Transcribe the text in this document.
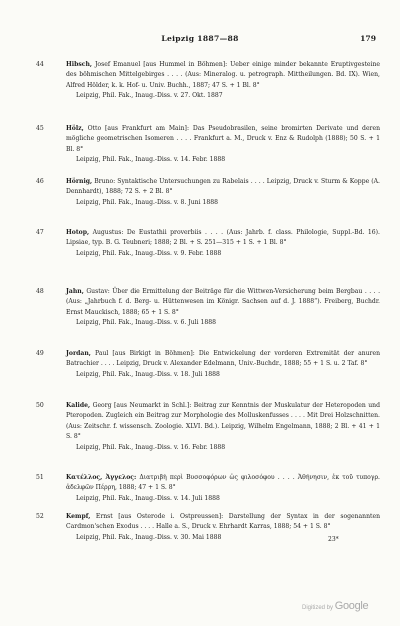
Leipzig 1887—88	179
44	Hibsch, Josef Emanuel [aus Hummel in Böhmen]: Ueber einige minder bekannte Eruptivgesteine des böhmischen Mittelgebirges . . . . (Aus: Mineralog. u. petrograph. Mittheilungen. Bd. IX). Wien, Alfred Hölder, k. k. Hof- u. Univ. Buchh., 1887; 47 S. + 1 Bl. 8°
Leipzig, Phil. Fak., Inaug.-Diss. v. 27. Okt. 1887
45	Hölz, Otto [aus Frankfurt am Main]: Das Pseudobrasilen, seine bromirten Derivate und deren mögliche geometrischen Isomeren . . . . Frankfurt a. M., Druck v. Enz & Rudolph (1888); 50 S. + 1 Bl. 8°
Leipzig, Phil. Fak., Inaug.-Diss. v. 14. Febr. 1888
46	Hörnig, Bruno: Syntaktische Untersuchungen zu Rabelais . . . . Leipzig, Druck v. Sturm & Koppe (A. Dennhardt), 1888; 72 S. + 2 Bl. 8°
Leipzig, Phil. Fak., Inaug.-Diss. v. 8. Juni 1888
47	Hotop, Augustus: De Eustathii proverbiis . . . . (Aus: Jahrb. f. class. Philologie, Suppl.-Bd. 16). Lipsiae, typ. B. G. Teubneri; 1888; 2 Bl. + S. 251—315 + 1 S. + 1 Bl. 8°
Leipzig, Phil. Fak., Inaug.-Diss. v. 9. Febr. 1888
48	Jahn, Gustav: Über die Ermittelung der Beiträge für die Wittwen-Versicherung beim Bergbau . . . . (Aus: „Jahrbuch f. d. Berg- u. Hüttenwesen im Königr. Sachsen auf d. J. 1888“). Freiberg, Buchdr. Ernst Mauckisch, 1888; 65 + 1 S. 8°
Leipzig, Phil. Fak., Inaug.-Diss. v. 6. Juli 1888
49	Jordan, Paul [aus Birkigt in Böhmen]: Die Entwickelung der vorderen Extremität der anuren Batrachier . . . . Leipzig, Druck v. Alexander Edelmann, Univ.-Buchdr., 1888; 55 + 1 S. u. 2 Taf. 8°
Leipzig, Phil. Fak., Inaug.-Diss. v. 18. Juli 1888
50	Kalide, Georg [aus Neumarkt in Schl.]: Beitrag zur Kenntnis der Muskulatur der Heteropoden und Pteropoden. Zugleich ein Beitrag zur Morphologie des Molluskenfusses . . . . Mit Drei Holzschnitten. (Aus: Zeitschr. f. wissensch. Zoologie. XLVI. Bd.). Leipzig, Wilhelm Engelmann, 1888; 2 Bl. + 41 + 1 S. 8°
Leipzig, Phil. Fak., Inaug.-Diss. v. 16. Febr. 1888
51	Κατέλλος, Ἀγγελος: Διατριβὴ περὶ Βυσσοφόρων ὡς φιλοσόφου . . . . Ἀθήνησιν, ἐκ τοῦ τυπογρ. ἀδελφῶν Πέρρη, 1888; 47 + 1 S. 8°
Leipzig, Phil. Fak., Inaug.-Diss. v. 14. Juli 1888
52	Kempf, Ernst [aus Osterode i. Ostpreussen]: Darstellung der Syntax in der sogenannten Cardmon'schen Exodus . . . . Halle a. S., Druck v. Ehrhardt Karras, 1888; 54 + 1 S. 8°
Leipzig, Phil. Fak., Inaug.-Diss. v. 30. Mai 1888	23*
Digitized by Google
